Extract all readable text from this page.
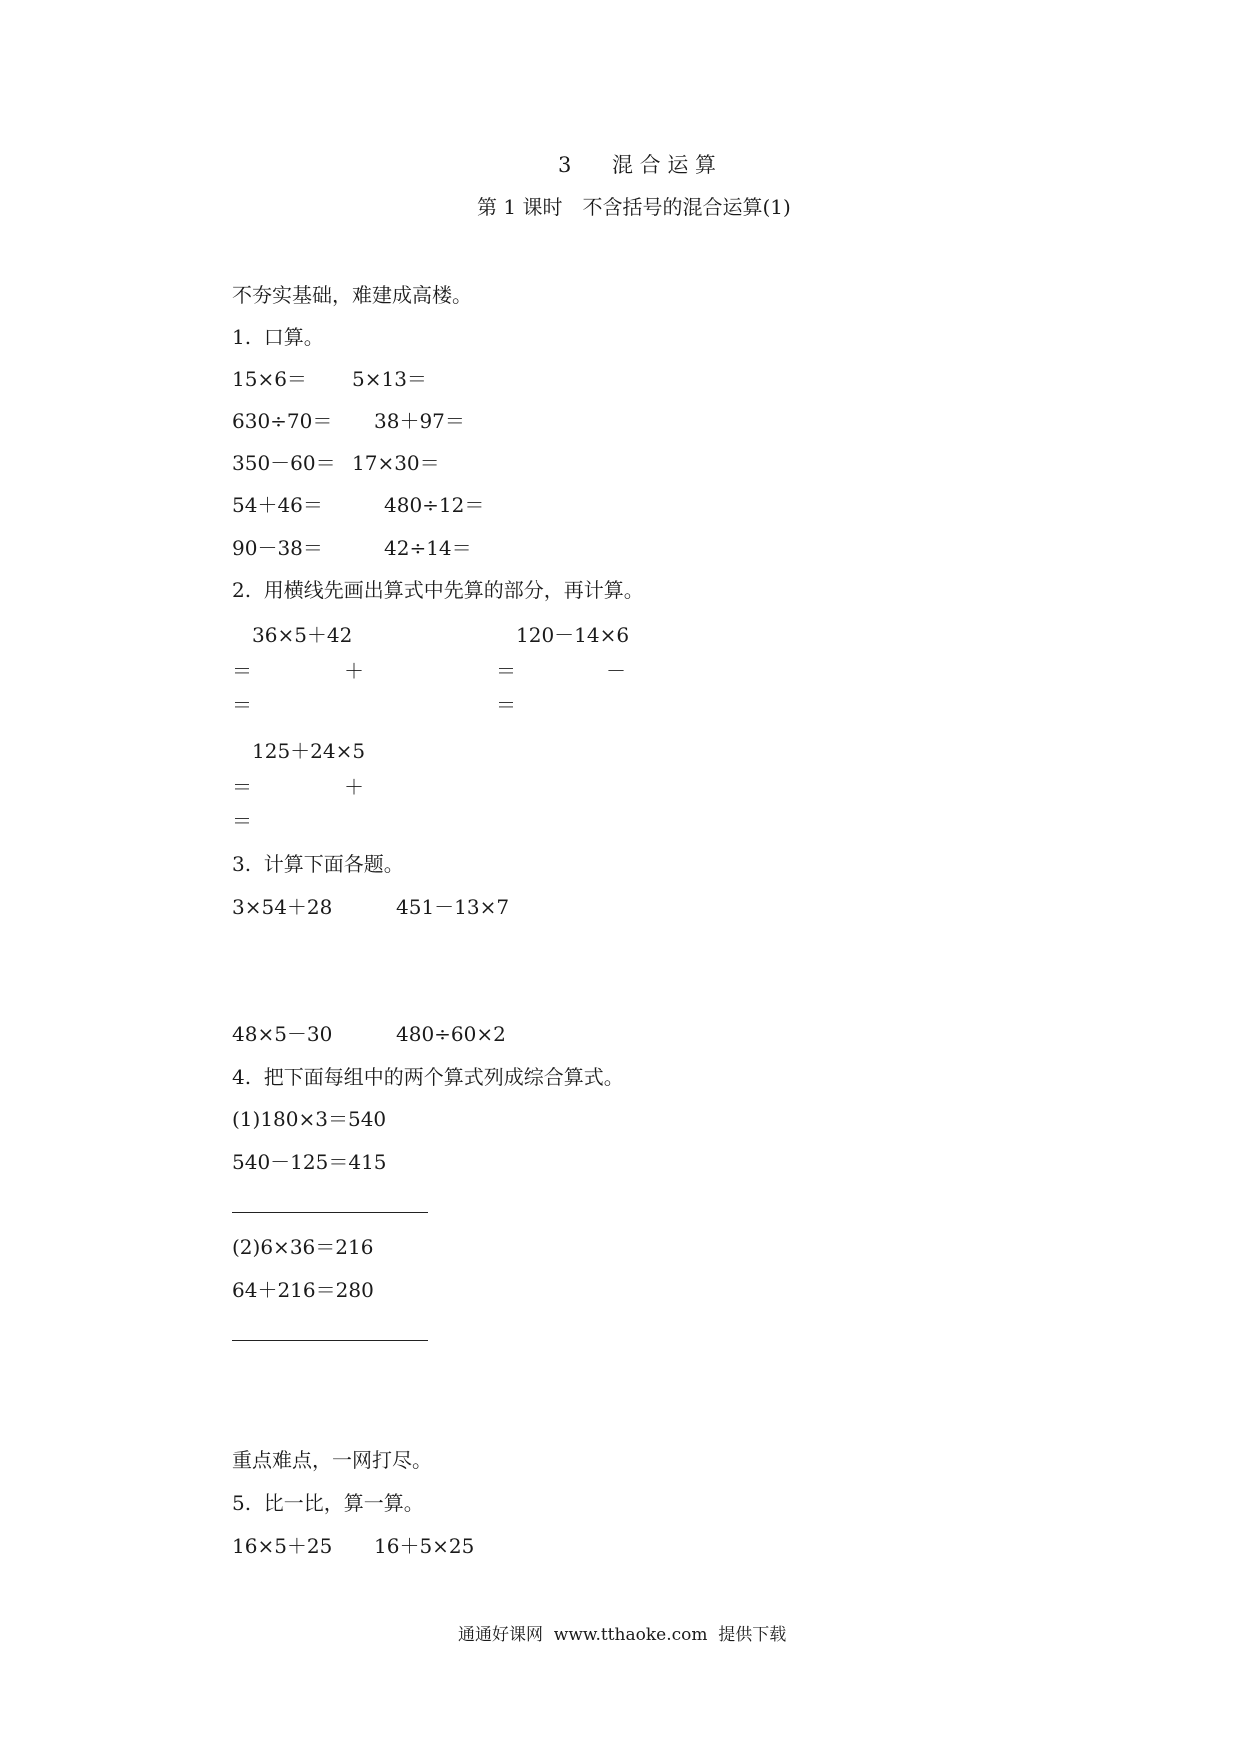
3 混 合 运 算
第 1 课时　不含括号的混合运算(1)
不夯实基础，难建成高楼。
1.  口算。
15×6＝ 5×13＝
630÷70＝ 38＋97＝
350－60＝ 17×30＝
54＋46＝	480÷12＝
90－38＝	42÷14＝
2.  用横线先画出算式中先算的部分，再计算。
36×5＋42
＝	＋
＝
120－14×6
＝	－
＝
125＋24×5
＝	＋
＝
3.  计算下面各题。
3×54＋28	451－13×7
48×5－30	480÷60×2
4.  把下面每组中的两个算式列成综合算式。
(1)180×3＝540
540－125＝415
(2)6×36＝216
64＋216＝280
重点难点，一网打尽。
5.  比一比，算一算。
16×5＋25 16＋5×25
通通好课网  www.tthaoke.com  提供下载
